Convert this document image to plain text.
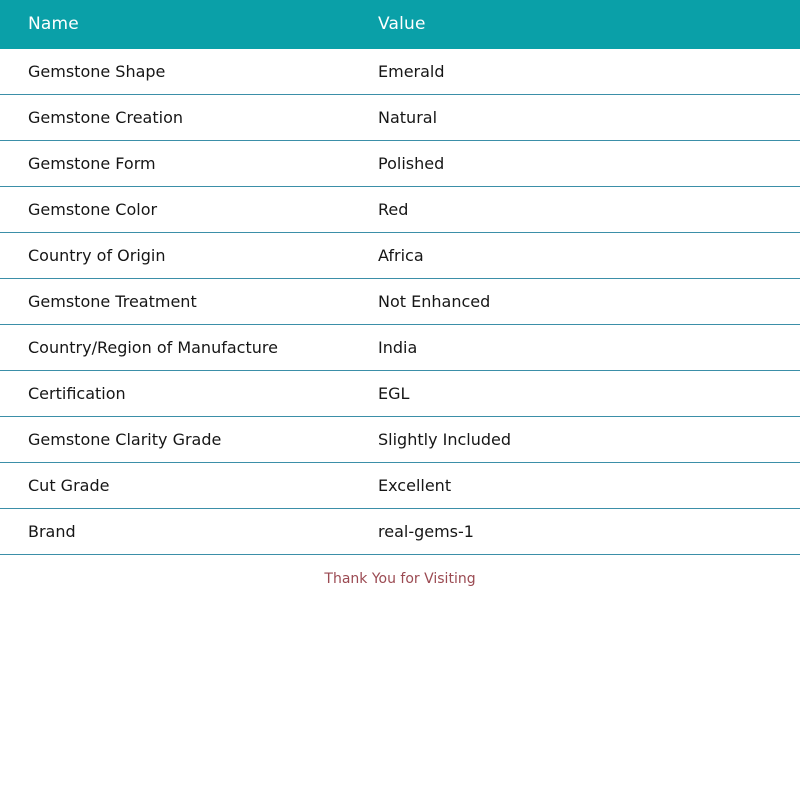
Name	Value
Gemstone Shape	Emerald
Gemstone Creation	Natural
Gemstone Form	Polished
Gemstone Color	Red
Country of Origin	Africa
Gemstone Treatment	Not Enhanced
Country/Region of Manufacture	India
Certification	EGL
Gemstone Clarity Grade	Slightly Included
Cut Grade	Excellent
Brand	real-gems-1
Thank You for Visiting
